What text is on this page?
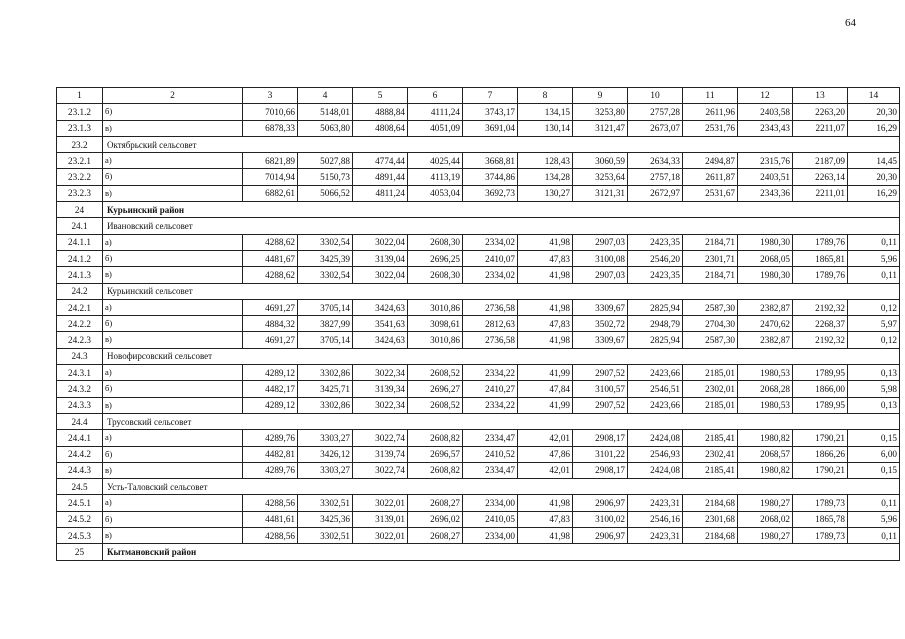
64
1	2	3	4	5	6	7	8	9	10	11	12	13	14
23.1.2	б)	7010,66	5148,01	4888,84	4111,24	3743,17	134,15	3253,80	2757,28	2611,96	2403,58	2263,20	20,30
23.1.3	в)	6878,33	5063,80	4808,64	4051,09	3691,04	130,14	3121,47	2673,07	2531,76	2343,43	2211,07	16,29
23.2	Октябрьский сельсовет												
23.2.1	а)	6821,89	5027,88	4774,44	4025,44	3668,81	128,43	3060,59	2634,33	2494,87	2315,76	2187,09	14,45
23.2.2	б)	7014,94	5150,73	4891,44	4113,19	3744,86	134,28	3253,64	2757,18	2611,87	2403,51	2263,14	20,30
23.2.3	в)	6882,61	5066,52	4811,24	4053,04	3692,73	130,27	3121,31	2672,97	2531,67	2343,36	2211,01	16,29
24	Курьинский район												
24.1	Ивановский сельсовет												
24.1.1	а)	4288,62	3302,54	3022,04	2608,30	2334,02	41,98	2907,03	2423,35	2184,71	1980,30	1789,76	0,11
24.1.2	б)	4481,67	3425,39	3139,04	2696,25	2410,07	47,83	3100,08	2546,20	2301,71	2068,05	1865,81	5,96
24.1.3	в)	4288,62	3302,54	3022,04	2608,30	2334,02	41,98	2907,03	2423,35	2184,71	1980,30	1789,76	0,11
24.2	Курьинский сельсовет												
24.2.1	а)	4691,27	3705,14	3424,63	3010,86	2736,58	41,98	3309,67	2825,94	2587,30	2382,87	2192,32	0,12
24.2.2	б)	4884,32	3827,99	3541,63	3098,61	2812,63	47,83	3502,72	2948,79	2704,30	2470,62	2268,37	5,97
24.2.3	в)	4691,27	3705,14	3424,63	3010,86	2736,58	41,98	3309,67	2825,94	2587,30	2382,87	2192,32	0,12
24.3	Новофирсовский сельсовет												
24.3.1	а)	4289,12	3302,86	3022,34	2608,52	2334,22	41,99	2907,52	2423,66	2185,01	1980,53	1789,95	0,13
24.3.2	б)	4482,17	3425,71	3139,34	2696,27	2410,27	47,84	3100,57	2546,51	2302,01	2068,28	1866,00	5,98
24.3.3	в)	4289,12	3302,86	3022,34	2608,52	2334,22	41,99	2907,52	2423,66	2185,01	1980,53	1789,95	0,13
24.4	Трусовский сельсовет												
24.4.1	а)	4289,76	3303,27	3022,74	2608,82	2334,47	42,01	2908,17	2424,08	2185,41	1980,82	1790,21	0,15
24.4.2	б)	4482,81	3426,12	3139,74	2696,57	2410,52	47,86	3101,22	2546,93	2302,41	2068,57	1866,26	6,00
24.4.3	в)	4289,76	3303,27	3022,74	2608,82	2334,47	42,01	2908,17	2424,08	2185,41	1980,82	1790,21	0,15
24.5	Усть-Таловский сельсовет												
24.5.1	а)	4288,56	3302,51	3022,01	2608,27	2334,00	41,98	2906,97	2423,31	2184,68	1980,27	1789,73	0,11
24.5.2	б)	4481,61	3425,36	3139,01	2696,02	2410,05	47,83	3100,02	2546,16	2301,68	2068,02	1865,78	5,96
24.5.3	в)	4288,56	3302,51	3022,01	2608,27	2334,00	41,98	2906,97	2423,31	2184,68	1980,27	1789,73	0,11
25	Кытмановский район												
